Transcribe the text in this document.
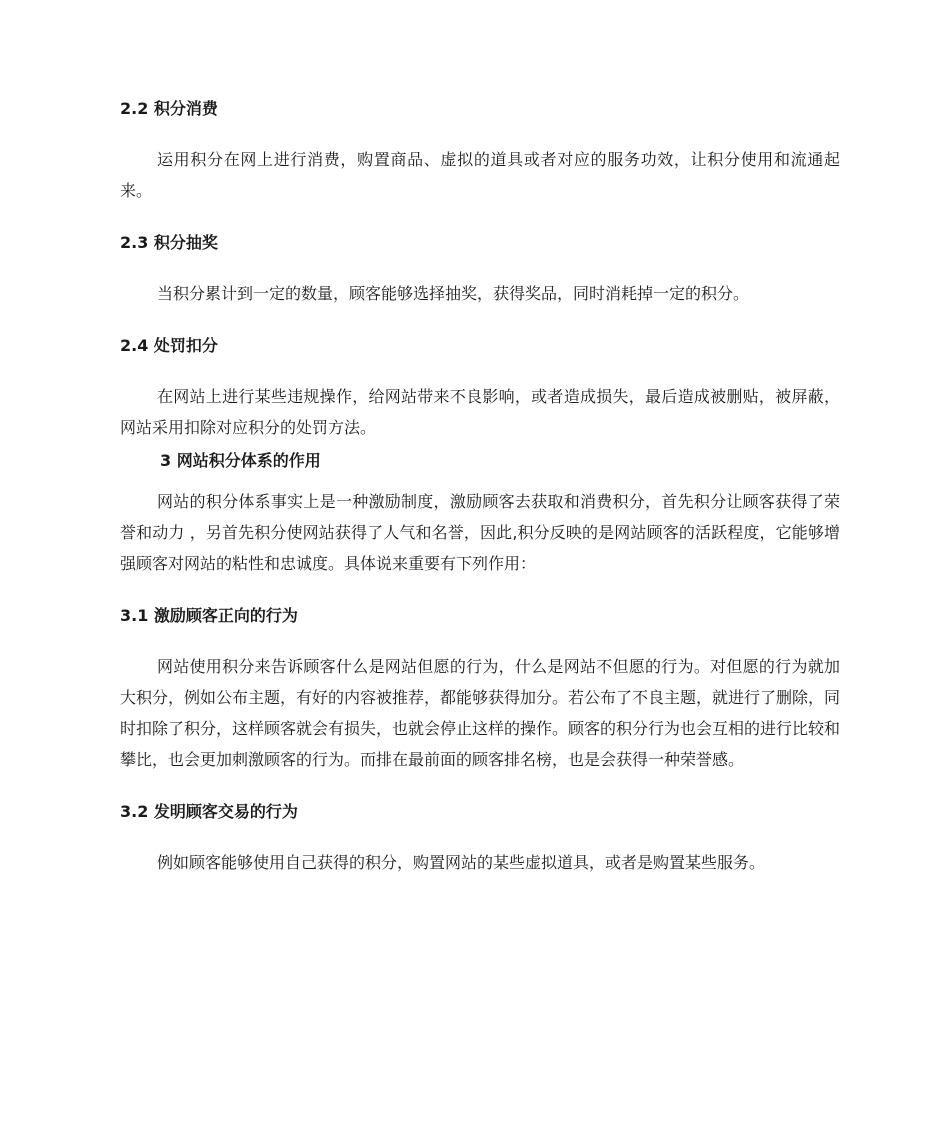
2.2 积分消费

运用积分在网上进行消费，购置商品、虚拟的道具或者对应的服务功效，让积分使用和流通起来。

2.3 积分抽奖

当积分累计到一定的数量，顾客能够选择抽奖，获得奖品，同时消耗掉一定的积分。

2.4 处罚扣分

在网站上进行某些违规操作，给网站带来不良影响，或者造成损失，最后造成被删贴，被屏蔽，网站采用扣除对应积分的处罚方法。

3 网站积分体系的作用

网站的积分体系事实上是一种激励制度，激励顾客去获取和消费积分，首先积分让顾客获得了荣誉和动力 ，另首先积分使网站获得了人气和名誉，因此,积分反映的是网站顾客的活跃程度，它能够增强顾客对网站的粘性和忠诚度。具体说来重要有下列作用：

3.1 激励顾客正向的行为

网站使用积分来告诉顾客什么是网站但愿的行为，什么是网站不但愿的行为。对但愿的行为就加大积分，例如公布主题，有好的内容被推荐，都能够获得加分。若公布了不良主题，就进行了删除，同时扣除了积分，这样顾客就会有损失，也就会停止这样的操作。顾客的积分行为也会互相的进行比较和攀比，也会更加刺激顾客的行为。而排在最前面的顾客排名榜，也是会获得一种荣誉感。

3.2 发明顾客交易的行为

例如顾客能够使用自己获得的积分，购置网站的某些虚拟道具，或者是购置某些服务。
